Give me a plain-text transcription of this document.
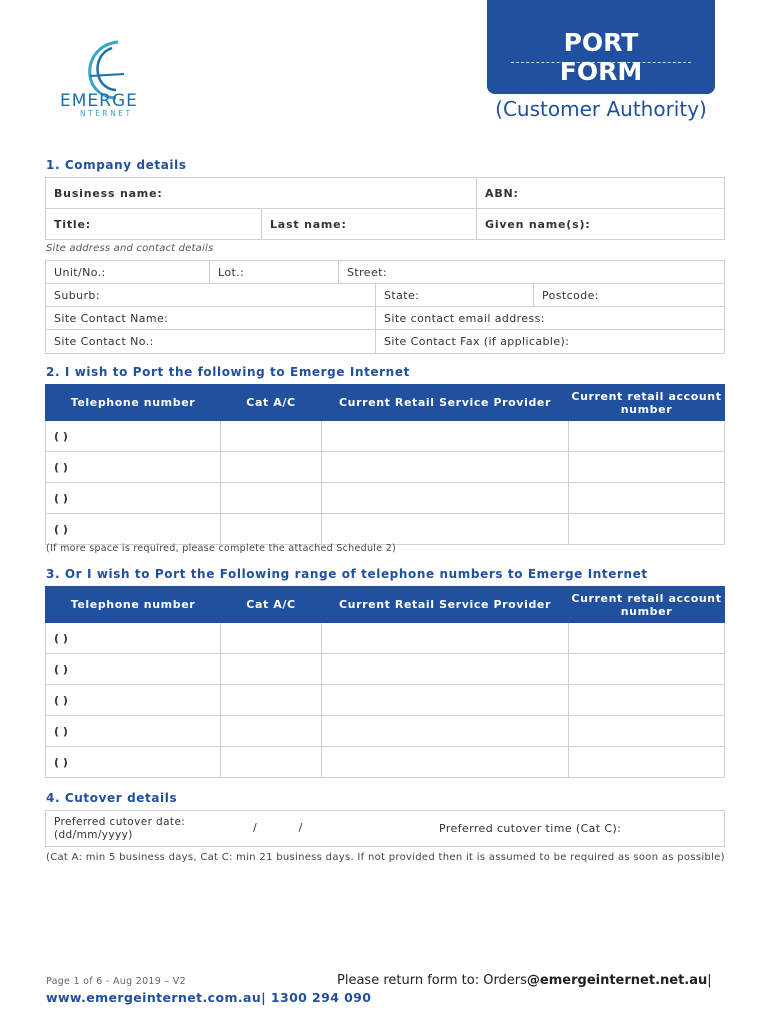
EMERGE
NTERNET
PORT
FORM
(Customer Authority)
1. Company details
Business name:	ABN:
Title:	Last name:	Given name(s):
Site address and contact details
Unit/No.:	Lot.:	Street:
Suburb:	State:	Postcode:
Site Contact Name:	Site contact email address:
Site Contact No.:	Site Contact Fax (if applicable):
2. I wish to Port the following to Emerge Internet
Telephone number	Cat A/C	Current Retail Service Provider	Current retail account number
( )			
( )			
( )			
( )			
(If more space is required, please complete the attached Schedule 2)
3. Or I wish to Port the Following range of telephone numbers to Emerge Internet
Telephone number	Cat A/C	Current Retail Service Provider	Current retail account number
( )			
( )			
( )			
( )			
( )			
4. Cutover details
Preferred cutover date: (dd/mm/yyyy)
/            /	Preferred cutover time (Cat C):
(Cat A: min 5 business days, Cat C: min 21 business days. If not provided then it is assumed to be required as soon as possible)
Page 1 of 6 - Aug 2019 – V2	Please return form to: Orders@emergeinternet.net.au|
www.emergeinternet.com.au| 1300 294 090
